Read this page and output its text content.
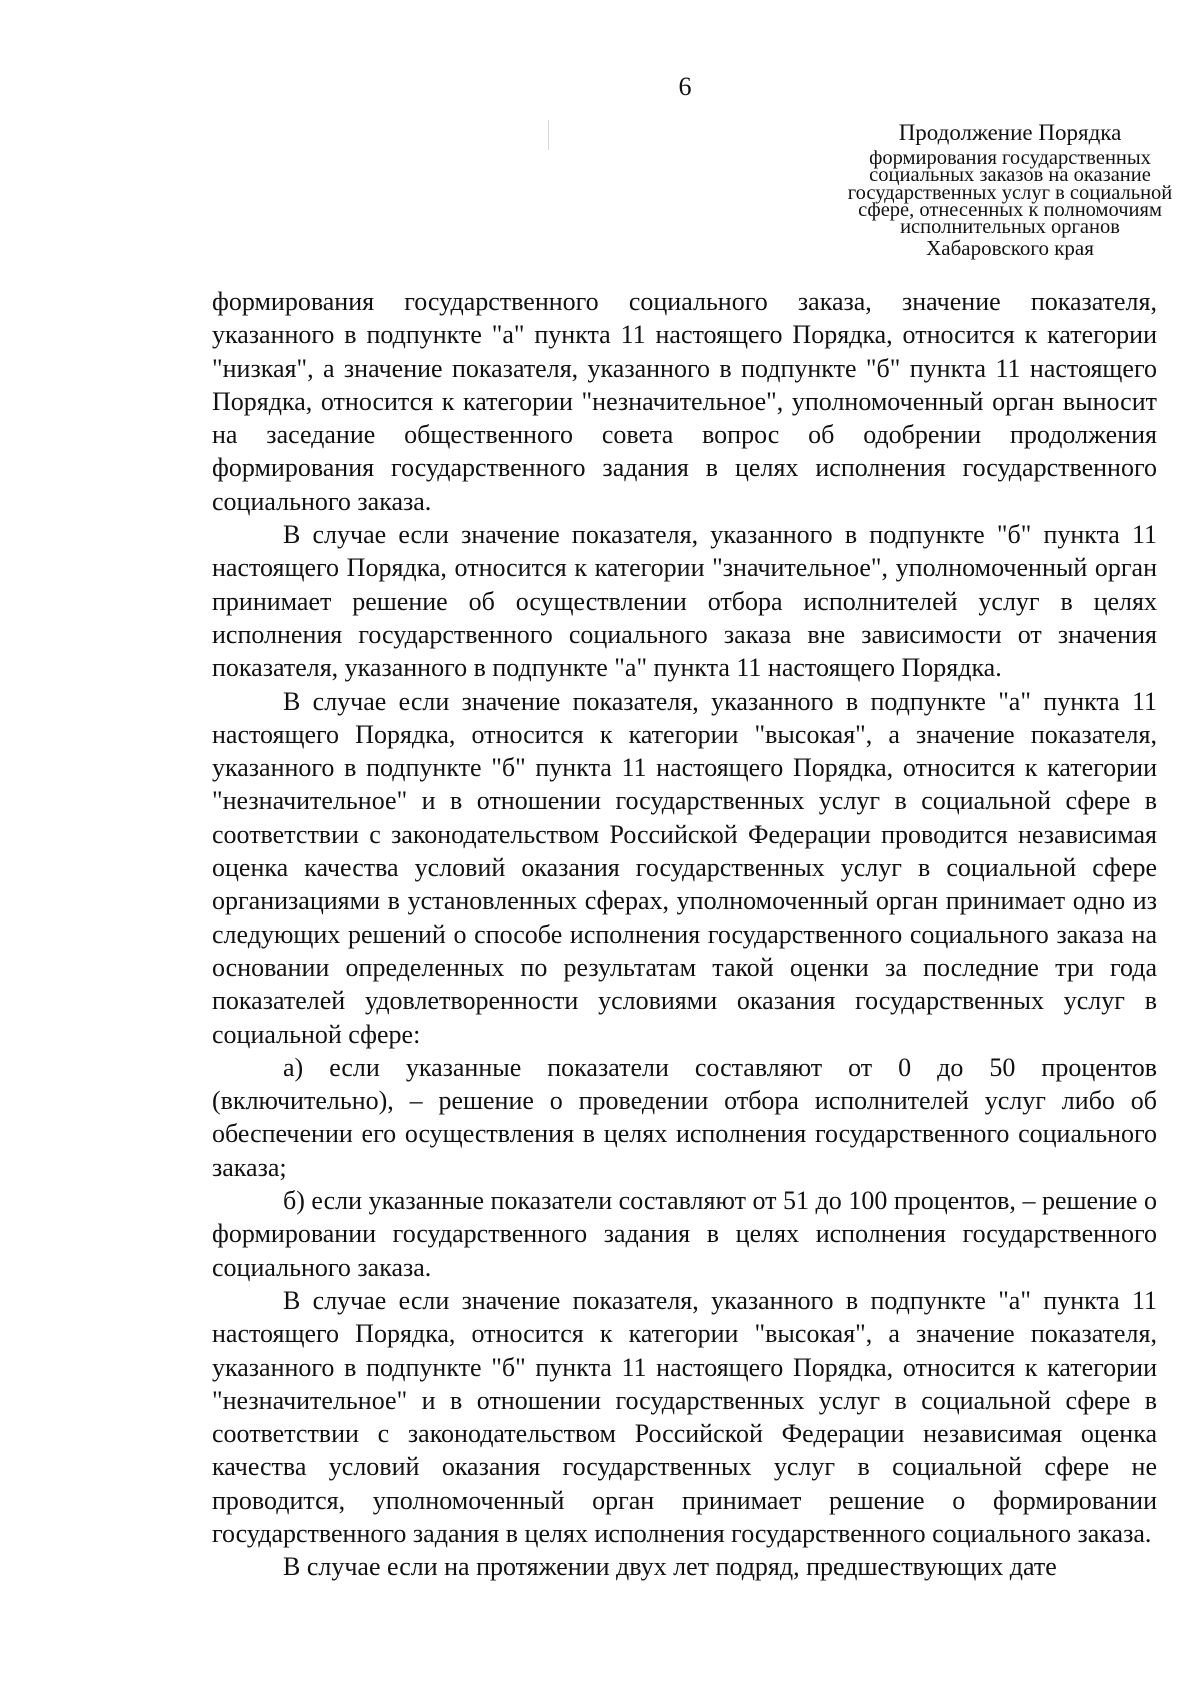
6
Продолжение Порядка
формирования государственных
социальных заказов на оказание
государственных услуг в социальной
сфере, отнесенных к полномочиям
исполнительных органов
Хабаровского края

формирования государственного социального заказа, значение показателя, указанного в подпункте "а" пункта 11 настоящего Порядка, относится к категории "низкая", а значение показателя, указанного в подпункте "б" пункта 11 настоящего Порядка, относится к категории "незначительное", уполномоченный орган выносит на заседание общественного совета вопрос об одобрении продолжения формирования государственного задания в целях исполнения государственного социального заказа.

В случае если значение показателя, указанного в подпункте "б" пункта 11 настоящего Порядка, относится к категории "значительное", уполномоченный орган принимает решение об осуществлении отбора исполнителей услуг в целях исполнения государственного социального заказа вне зависимости от значения показателя, указанного в подпункте "а" пункта 11 настоящего Порядка.

В случае если значение показателя, указанного в подпункте "а" пункта 11 настоящего Порядка, относится к категории "высокая", а значение показателя, указанного в подпункте "б" пункта 11 настоящего Порядка, относится к категории "незначительное" и в отношении государственных услуг в социальной сфере в соответствии с законодательством Российской Федерации проводится независимая оценка качества условий оказания государственных услуг в социальной сфере организациями в установленных сферах, уполномоченный орган принимает одно из следующих решений о способе исполнения государственного социального заказа на основании определенных по результатам такой оценки за последние три года показателей удовлетворенности условиями оказания государственных услуг в социальной сфере:

а) если указанные показатели составляют от 0 до 50 процентов (включительно), – решение о проведении отбора исполнителей услуг либо об обеспечении его осуществления в целях исполнения государственного социального заказа;

б) если указанные показатели составляют от 51 до 100 процентов, – решение о формировании государственного задания в целях исполнения государственного социального заказа.

В случае если значение показателя, указанного в подпункте "а" пункта 11 настоящего Порядка, относится к категории "высокая", а значение показателя, указанного в подпункте "б" пункта 11 настоящего Порядка, относится к категории "незначительное" и в отношении государственных услуг в социальной сфере в соответствии с законодательством Российской Федерации независимая оценка качества условий оказания государственных услуг в социальной сфере не проводится, уполномоченный орган принимает решение о формировании государственного задания в целях исполнения государственного социального заказа.

В случае если на протяжении двух лет подряд, предшествующих дате
